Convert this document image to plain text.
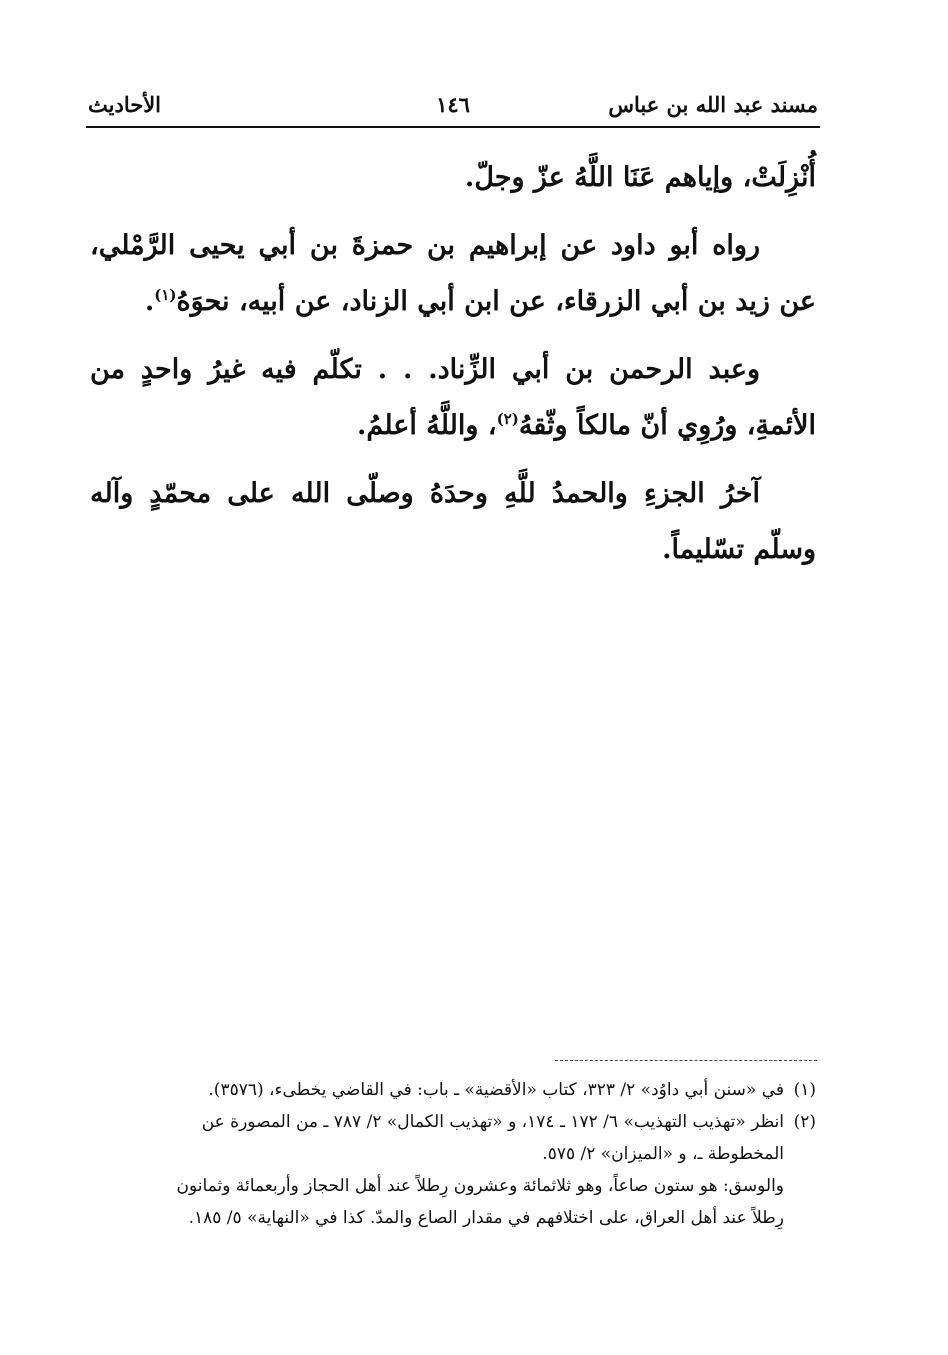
مسند عبد الله بن عباس
١٤٦
الأحاديث

أُنْزِلَتْ، وإياهم عَنَا اللَّهُ عزّ وجلّ.

رواه أبو داود عن إبراهيم بن حمزةَ بن أبي يحيى الرَّمْلي، عن زيد بن أبي الزرقاء، عن ابن أبي الزناد، عن أبيه، نحوَهُ$^{(١)}$.

وعبد الرحمن بن أبي الزِّناد. . . تكلّم فيه غيرُ واحدٍ من الأئمةِ، ورُوِي أنّ مالكاً وثّقهُ$^{(٢)}$، واللَّهُ أعلمُ.

آخرُ الجزءِ والحمدُ للَّهِ وحدَهُ وصلّى الله على محمّدٍ وآله وسلّم تسّليماً.

(١)في «سنن أبي داوُد» ٢/ ٣٢٣، كتاب «الأقضية» ـ باب: في القاضي يخطىء، (٣٥٧٦).

(٢)انظر «تهذيب التهذيب» ٦/ ١٧٢ ـ ١٧٤، و «تهذيب الكمال» ٢/ ٧٨٧ ـ من المصورة عن

المخطوطة ـ، و «الميزان» ٢/ ٥٧٥.

والوسق: هو ستون صاعاً، وهو ثلاثمائة وعشرون رِطلاً عند أهل الحجاز وأربعمائة وثمانون

رِطلاً عند أهل العراق، على اختلافهم في مقدار الصاع والمدّ. كذا في «النهاية» ٥/ ١٨٥.
